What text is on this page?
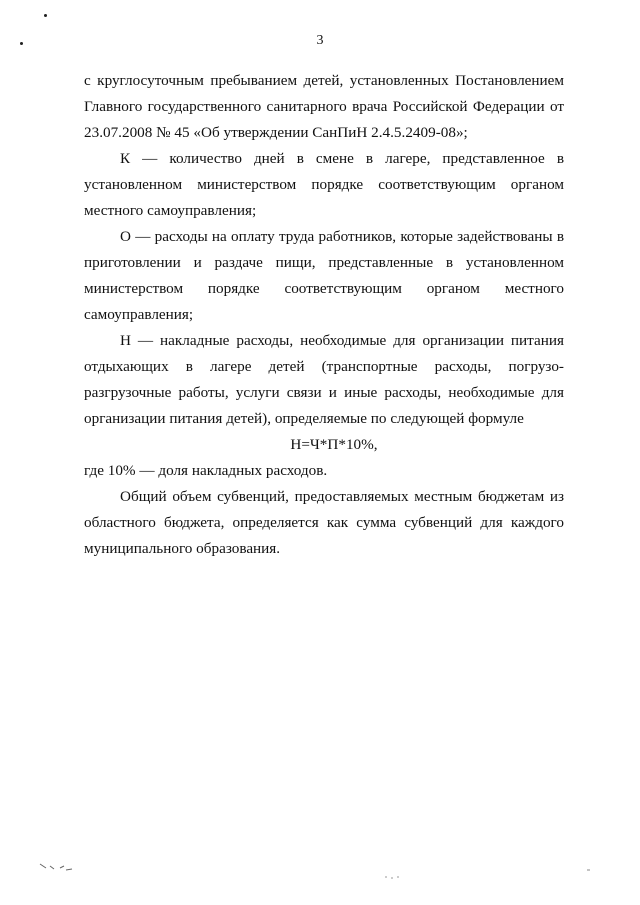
3

с круглосуточным пребыванием детей, установленных Постановлением Главного государственного санитарного врача Российской Федерации от 23.07.2008 № 45 «Об утверждении СанПиН 2.4.5.2409-08»;

К — количество дней в смене в лагере, представленное в установленном министерством порядке соответствующим органом местного самоуправления;

О — расходы на оплату труда работников, которые задействованы в приготовлении и раздаче пищи, представленные в установленном министерством порядке соответствующим органом местного самоуправления;

Н — накладные расходы, необходимые для организации питания отдыхающих в лагере детей (транспортные расходы, погрузо-разгрузочные работы, услуги связи и иные расходы, необходимые для организации питания детей), определяемые по следующей формуле

Н=Ч*П*10%,

где 10% — доля накладных расходов.

Общий объем субвенций, предоставляемых местным бюджетам из областного бюджета, определяется как сумма субвенций для каждого муниципального образования.
